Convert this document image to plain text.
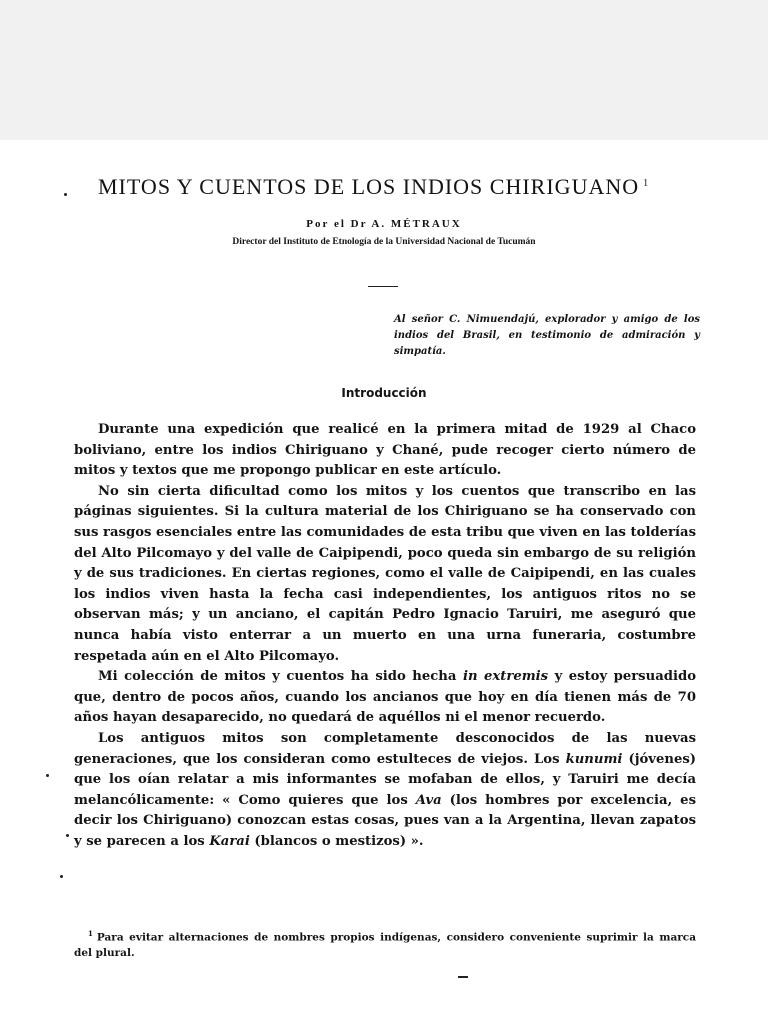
MITOS Y CUENTOS DE LOS INDIOS CHIRIGUANO $^1$
Por el Dr A. MÉTRAUX
Director del Instituto de Etnología de la Universidad Nacional de Tucumán
Al señor C. Nimuendajú, explorador y amigo de los indios del Brasil, en testimonio de admiración y simpatía.
Introducción

Durante una expedición que realicé en la primera mitad de 1929 al Chaco boliviano, entre los indios Chiriguano y Chané, pude recoger cierto número de mitos y textos que me propongo publicar en este artículo.

No sin cierta dificultad como los mitos y los cuentos que transcribo en las páginas siguientes. Si la cultura material de los Chiriguano se ha conservado con sus rasgos esenciales entre las comunidades de esta tribu que viven en las tolderías del Alto Pilcomayo y del valle de Caipipendi, poco queda sin embargo de su religión y de sus tradiciones. En ciertas regiones, como el valle de Caipipendi, en las cuales los indios viven hasta la fecha casi independientes, los antiguos ritos no se observan más; y un anciano, el capitán Pedro Ignacio Taruiri, me aseguró que nunca había visto enterrar a un muerto en una urna funeraria, costumbre respetada aún en el Alto Pilcomayo.

Mi colección de mitos y cuentos ha sido hecha in extremis y estoy persuadido que, dentro de pocos años, cuando los ancianos que hoy en día tienen más de 70 años hayan desaparecido, no quedará de aquéllos ni el menor recuerdo.

Los antiguos mitos son completamente desconocidos de las nuevas generaciones, que los consideran como estulteces de viejos. Los kunumi (jóvenes) que los oían relatar a mis informantes se mofaban de ellos, y Taruiri me decía melancólicamente: « Como quieres que los Ava (los hombres por excelencia, es decir los Chiriguano) conozcan estas cosas, pues van a la Argentina, llevan zapatos y se parecen a los Karai (blancos o mestizos) ».

$^1$ Para evitar alternaciones de nombres propios indígenas, considero conveniente suprimir la marca del plural.
